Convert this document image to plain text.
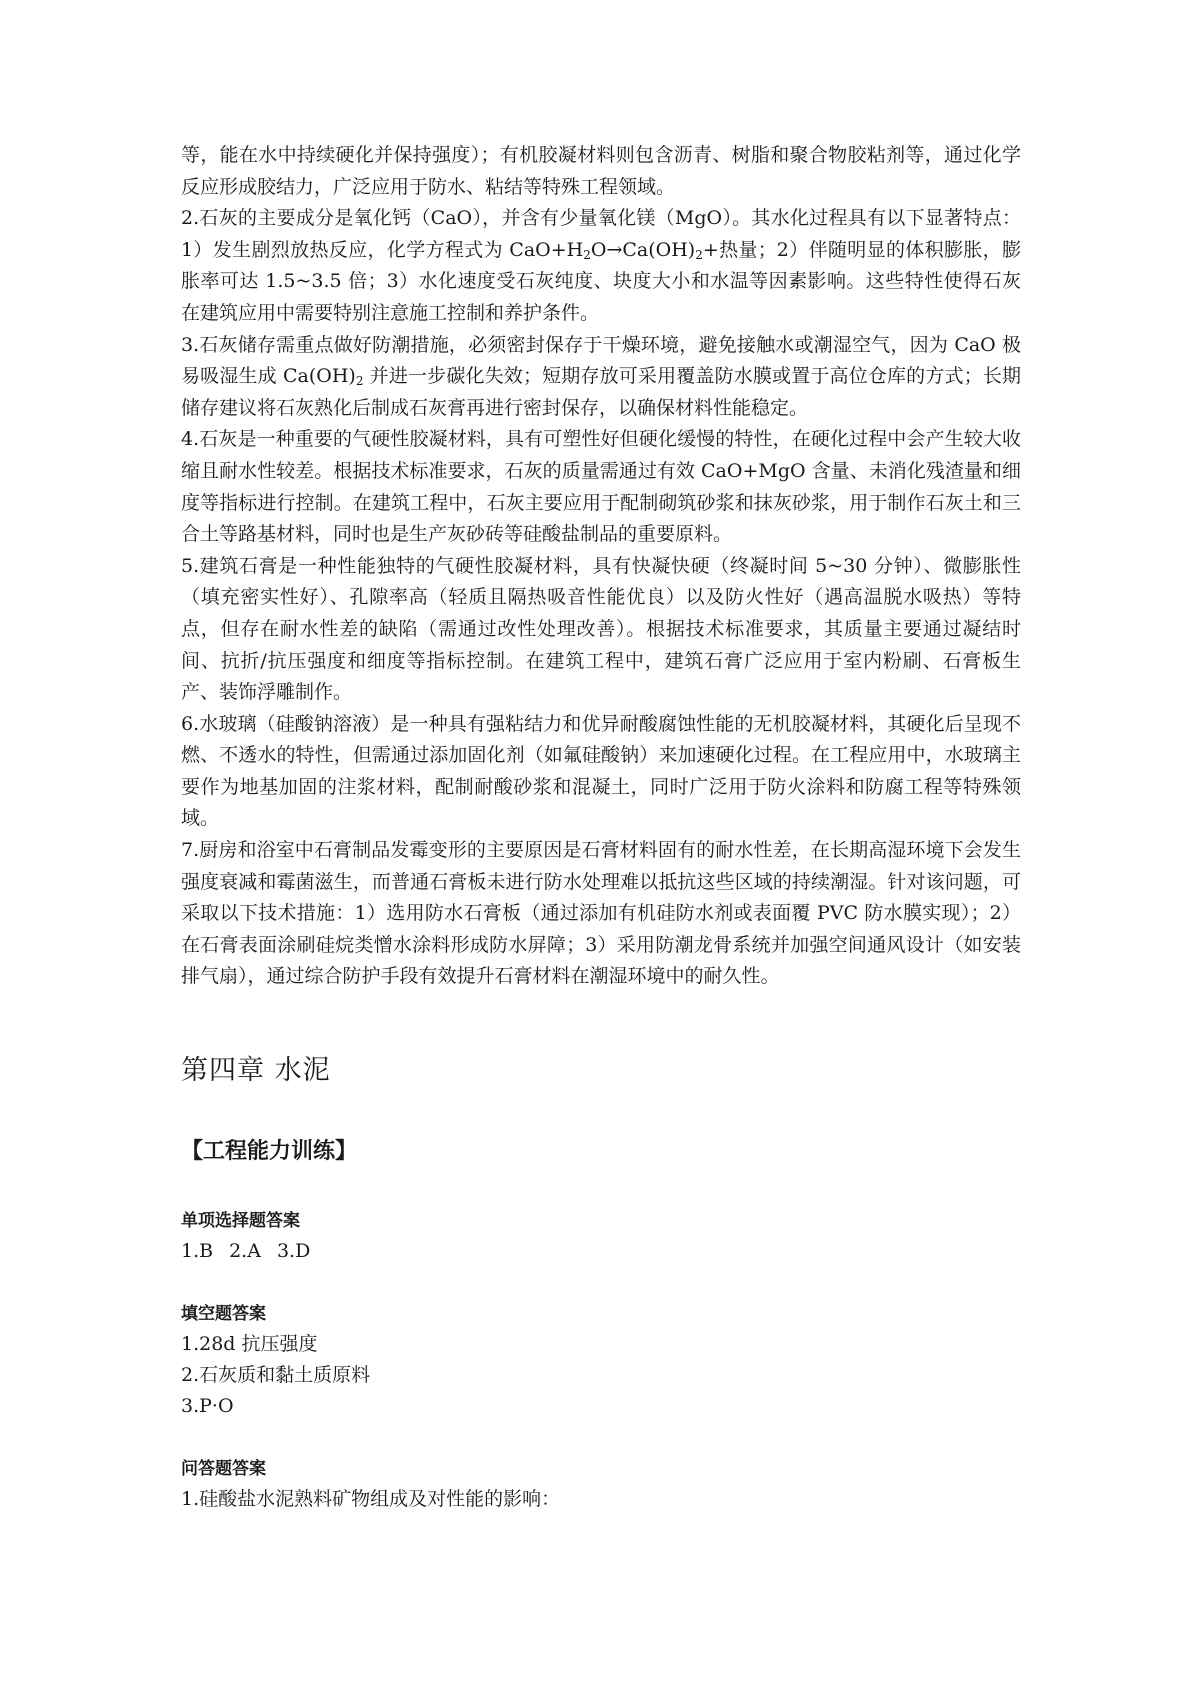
等，能在水中持续硬化并保持强度）；有机胶凝材料则包含沥青、树脂和聚合物胶粘剂等，通过化学反应形成胶结力，广泛应用于防水、粘结等特殊工程领域。

2.石灰的主要成分是氧化钙（CaO），并含有少量氧化镁（MgO）。其水化过程具有以下显著特点：1）发生剧烈放热反应，化学方程式为 $CaO+H_2O\to Ca(OH)_2+$热量；2）伴随明显的体积膨胀，膨胀率可达 1.5~3.5 倍；3）水化速度受石灰纯度、块度大小和水温等因素影响。这些特性使得石灰在建筑应用中需要特别注意施工控制和养护条件。

3.石灰储存需重点做好防潮措施，必须密封保存于干燥环境，避免接触水或潮湿空气，因为 CaO 极易吸湿生成 $Ca(OH)_2$ 并进一步碳化失效；短期存放可采用覆盖防水膜或置于高位仓库的方式；长期储存建议将石灰熟化后制成石灰膏再进行密封保存，以确保材料性能稳定。

4.石灰是一种重要的气硬性胶凝材料，具有可塑性好但硬化缓慢的特性，在硬化过程中会产生较大收缩且耐水性较差。根据技术标准要求，石灰的质量需通过有效 CaO+MgO 含量、未消化残渣量和细度等指标进行控制。在建筑工程中，石灰主要应用于配制砌筑砂浆和抹灰砂浆，用于制作石灰土和三合土等路基材料，同时也是生产灰砂砖等硅酸盐制品的重要原料。

5.建筑石膏是一种性能独特的气硬性胶凝材料，具有快凝快硬（终凝时间 5~30 分钟）、微膨胀性（填充密实性好）、孔隙率高（轻质且隔热吸音性能优良）以及防火性好（遇高温脱水吸热）等特点，但存在耐水性差的缺陷（需通过改性处理改善）。根据技术标准要求，其质量主要通过凝结时间、抗折/抗压强度和细度等指标控制。在建筑工程中，建筑石膏广泛应用于室内粉刷、石膏板生产、装饰浮雕制作。

6.水玻璃（硅酸钠溶液）是一种具有强粘结力和优异耐酸腐蚀性能的无机胶凝材料，其硬化后呈现不燃、不透水的特性，但需通过添加固化剂（如氟硅酸钠）来加速硬化过程。在工程应用中，水玻璃主要作为地基加固的注浆材料，配制耐酸砂浆和混凝土，同时广泛用于防火涂料和防腐工程等特殊领域。

7.厨房和浴室中石膏制品发霉变形的主要原因是石膏材料固有的耐水性差，在长期高湿环境下会发生强度衰减和霉菌滋生，而普通石膏板未进行防水处理难以抵抗这些区域的持续潮湿。针对该问题，可采取以下技术措施：1）选用防水石膏板（通过添加有机硅防水剂或表面覆 PVC 防水膜实现）；2）在石膏表面涂刷硅烷类憎水涂料形成防水屏障；3）采用防潮龙骨系统并加强空间通风设计（如安装排气扇），通过综合防护手段有效提升石膏材料在潮湿环境中的耐久性。

第四章 水泥
【工程能力训练】

单项选择题答案

1.B 2.A 3.D

填空题答案

1.28d 抗压强度

2.石灰质和黏土质原料

3.P·O

问答题答案

1.硅酸盐水泥熟料矿物组成及对性能的影响：
